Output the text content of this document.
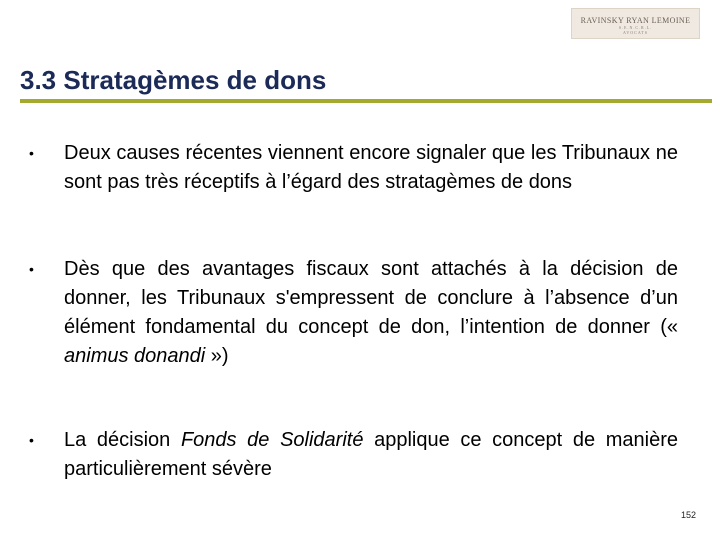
RAVINSKY RYAN LEMOINE
S.E.N.C.R.L.
AVOCATS
3.3 Stratagèmes de dons
• Deux causes récentes viennent encore signaler que les Tribunaux ne sont pas très réceptifs à l’égard des stratagèmes de dons

• Dès que des avantages fiscaux sont attachés à la décision de donner, les Tribunaux s'empressent de conclure à l’absence d’un élément fondamental du concept de don, l’intention de donner (« animus donandi »)

• La décision Fonds de Solidarité applique ce concept de manière particulièrement sévère

152
